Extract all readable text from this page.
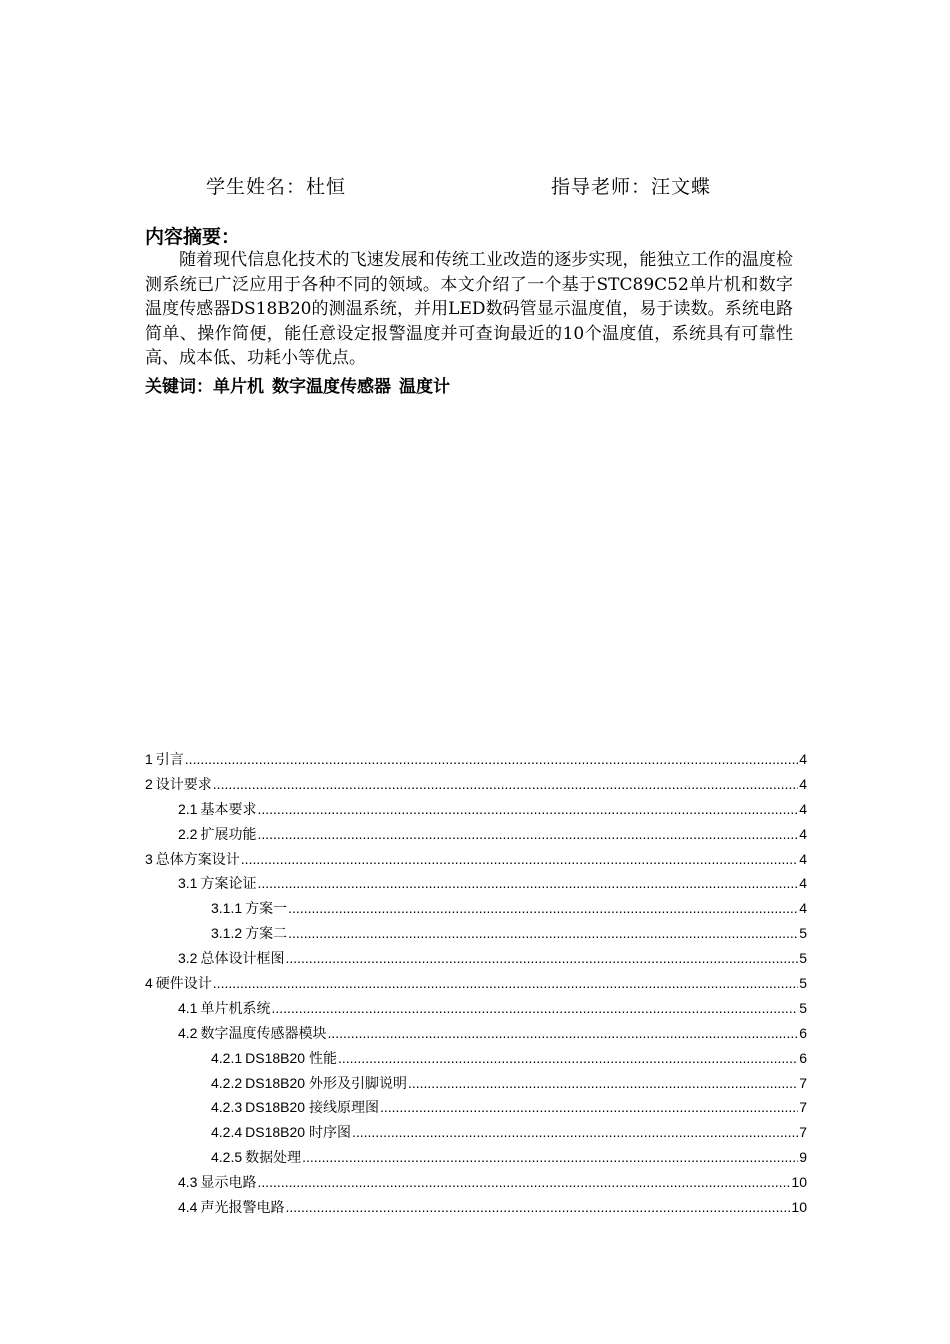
学生姓名：杜恒	指导老师：汪文蝶
内容摘要：
随着现代信息化技术的飞速发展和传统工业改造的逐步实现，能独立工作的温度检测系统已广泛应用于各种不同的领域。本文介绍了一个基于STC89C52单片机和数字温度传感器DS18B20的测温系统，并用LED数码管显示温度值，易于读数。系统电路简单、操作简便，能任意设定报警温度并可查询最近的10个温度值，系统具有可靠性高、成本低、功耗小等优点。
关键词：单片机 数字温度传感器 温度计
1 引言 .....	4
2 设计要求 .....	4
2.1 基本要求 .....	4
2.2 扩展功能 .....	4
3 总体方案设计 .....	4
3.1 方案论证 .....	4
3.1.1 方案一 .....	4
3.1.2 方案二 .....	5
3.2 总体设计框图 .....	5
4 硬件设计 .....	5
4.1 单片机系统 .....	5
4.2 数字温度传感器模块 .....	6
4.2.1 DS18B20 性能 .....	6
4.2.2 DS18B20 外形及引脚说明 .....	7
4.2.3 DS18B20 接线原理图 .....	7
4.2.4 DS18B20 时序图 .....	7
4.2.5 数据处理 .....	9
4.3 显示电路 .....	10
4.4 声光报警电路 .....	10
